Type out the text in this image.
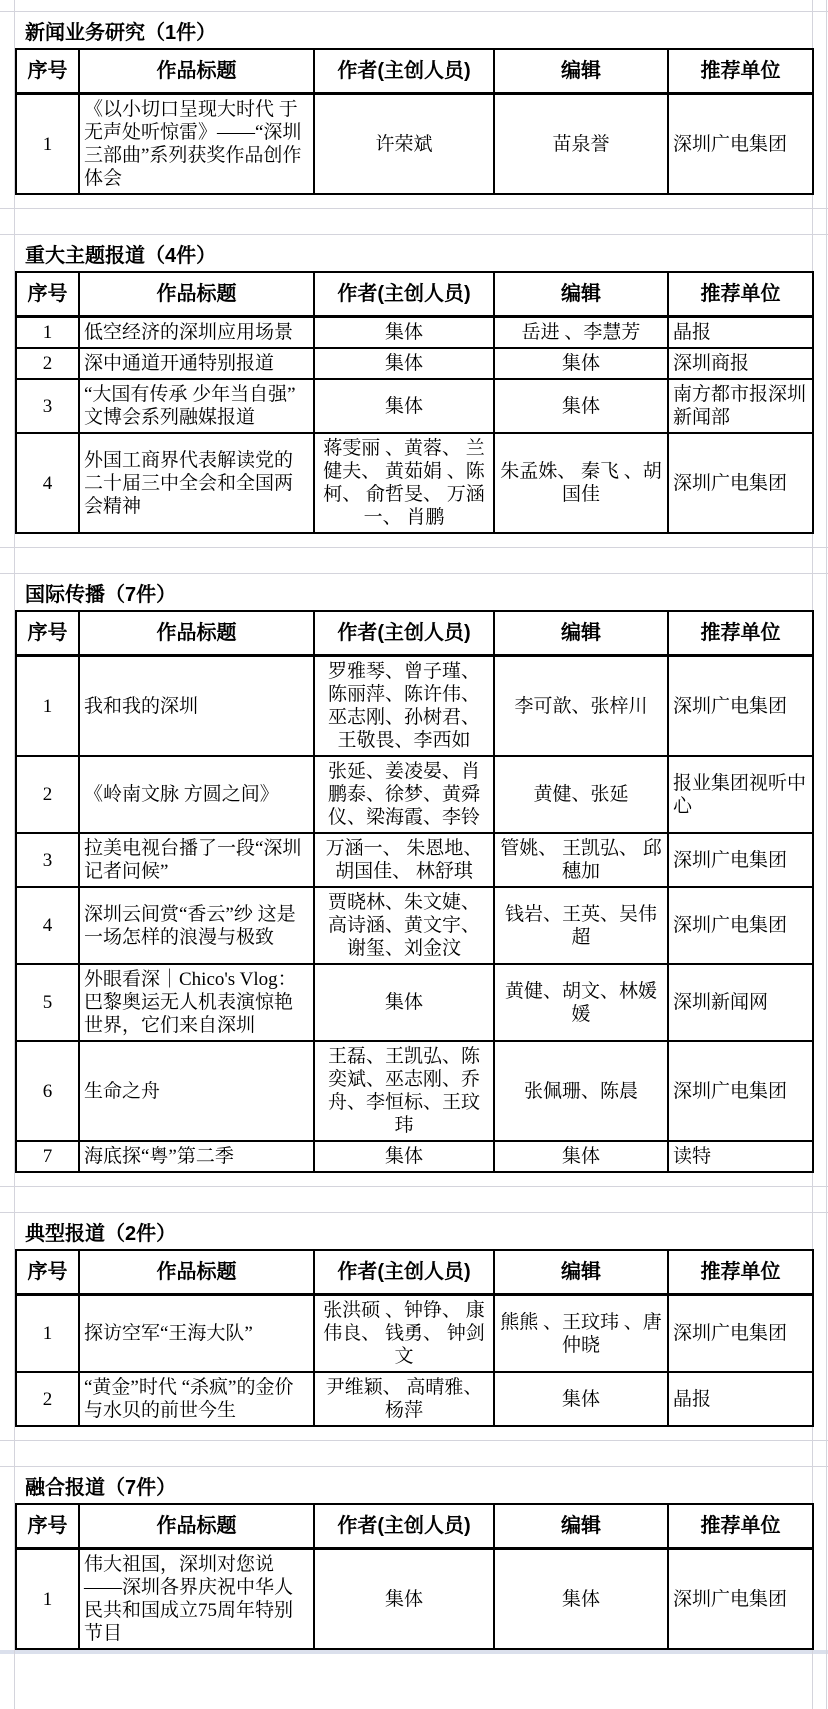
新闻业务研究（1件）
序号	作品标题	作者(主创人员)	编辑	推荐单位
1	《以小切口呈现大时代 于无声处听惊雷》——“深圳三部曲”系列获奖作品创作体会	许荣斌	苗泉誉	深圳广电集团
重大主题报道（4件）
序号	作品标题	作者(主创人员)	编辑	推荐单位
1	低空经济的深圳应用场景	集体	岳进 、李慧芳	晶报
2	深中通道开通特别报道	集体	集体	深圳商报
3	“大国有传承 少年当自强”文博会系列融媒报道	集体	集体	南方都市报深圳新闻部
4	外国工商界代表解读党的二十届三中全会和全国两会精神	蒋雯丽 、黄蓉、 兰健夫、 黄茹娟 、陈柯、 俞哲旻、 万涵一、 肖鹏	朱孟姝、 秦飞 、胡国佳	深圳广电集团
国际传播（7件）
序号	作品标题	作者(主创人员)	编辑	推荐单位
1	我和我的深圳	罗雅琴、曾子瑾、陈丽萍、陈许伟、巫志刚、孙树君、王敬畏、李西如	李可歆、张梓川	深圳广电集团
2	《岭南文脉 方圆之间》	张延、姜凌晏、肖鹏泰、徐梦、黄舜仪、梁海霞、李铃	黄健、张延	报业集团视听中心
3	拉美电视台播了一段“深圳记者问候”	万涵一、 朱恩地、 胡国佳、 林舒琪	管姚、 王凯弘、 邱穗加	深圳广电集团
4	深圳云间赏“香云”纱 这是一场怎样的浪漫与极致	贾晓林、朱文婕、高诗涵、黄文宇、谢玺、刘金汶	钱岩、王英、吴伟超	深圳广电集团
5	外眼看深｜Chico's Vlog：巴黎奥运无人机表演惊艳世界，它们来自深圳	集体	黄健、胡文、林媛媛	深圳新闻网
6	生命之舟	王磊、王凯弘、陈奕斌、巫志刚、乔舟、李恒标、王玟玮	张佩珊、陈晨	深圳广电集团
7	海底探“粤”第二季	集体	集体	读特
典型报道（2件）
序号	作品标题	作者(主创人员)	编辑	推荐单位
1	探访空军“王海大队”	张洪硕 、钟铮、 康伟良、 钱勇、 钟剑文	熊熊 、王玟玮 、唐仲晓	深圳广电集团
2	“黄金”时代 “杀疯”的金价与水贝的前世今生	尹维颖、 高晴雅、 杨萍	集体	晶报
融合报道（7件）
序号	作品标题	作者(主创人员)	编辑	推荐单位
1	伟大祖国，深圳对您说——深圳各界庆祝中华人民共和国成立75周年特别节目	集体	集体	深圳广电集团
